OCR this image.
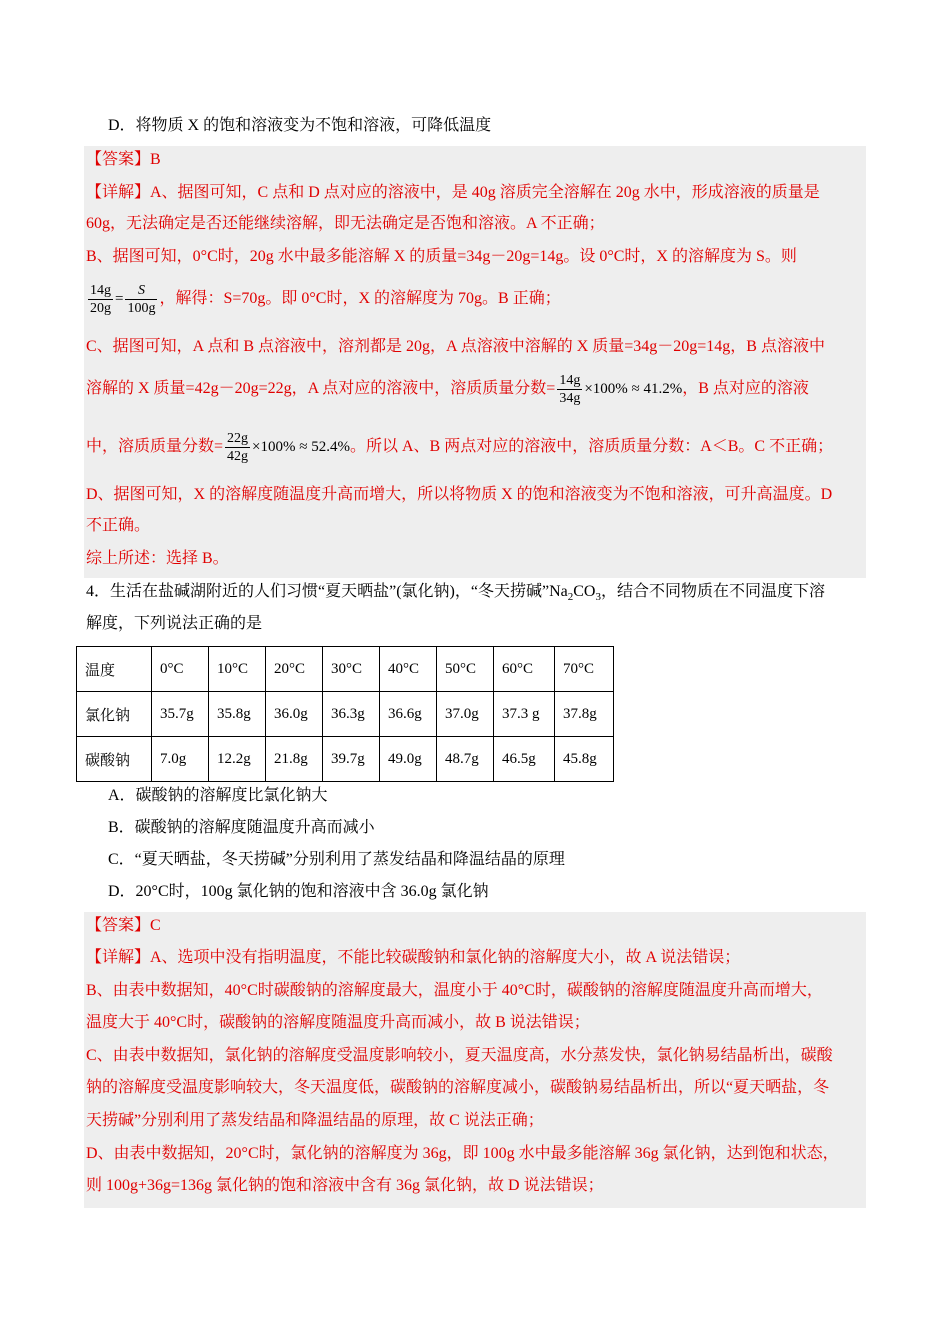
D．将物质 X 的饱和溶液变为不饱和溶液，可降低温度
【答案】B
【详解】A、据图可知，C 点和 D 点对应的溶液中，是 40g 溶质完全溶解在 20g 水中，形成溶液的质量是
60g，无法确定是否还能继续溶解，即无法确定是否饱和溶液。A 不正确；
B、据图可知，0°C时，20g 水中最多能溶解 X 的质量=34g－20g=14g。设 0°C时，X 的溶解度为 S。则
$\frac{14g}{20g} = \frac{S}{100g}$ ，解得：S=70g。即 0°C时，X 的溶解度为 70g。B 正确；
C、据图可知，A 点和 B 点溶液中，溶剂都是 20g，A 点溶液中溶解的 X 质量=34g－20g=14g，B 点溶液中
溶解的 X 质量=42g－20g=22g，A 点对应的溶液中，溶质质量分数= $\frac{14g}{34g} \times 100\% \approx 41.2\%$，B 点对应的溶液
中，溶质质量分数= $\frac{22g}{42g} \times 100\% \approx 52.4\%$。所以 A、B 两点对应的溶液中，溶质质量分数：A＜B。C 不正确；
D、据图可知，X 的溶解度随温度升高而增大，所以将物质 X 的饱和溶液变为不饱和溶液，可升高温度。D
不正确。
综上所述：选择 B。
4．生活在盐碱湖附近的人们习惯“夏天晒盐”(氯化钠)，“冬天捞碱$”Na_2CO_3$，结合不同物质在不同温度下溶
解度，下列说法正确的是
温度	0°C	10°C	20°C	30°C	40°C	50°C	60°C	70°C
氯化钠	35.7g	35.8g	36.0g	36.3g	36.6g	37.0g	37.3 g	37.8g
碳酸钠	7.0g	12.2g	21.8g	39.7g	49.0g	48.7g	46.5g	45.8g
A．碳酸钠的溶解度比氯化钠大
B．碳酸钠的溶解度随温度升高而减小
C．“夏天晒盐，冬天捞碱”分别利用了蒸发结晶和降温结晶的原理
D．20°C时，100g 氯化钠的饱和溶液中含 36.0g 氯化钠
【答案】C
【详解】A、选项中没有指明温度，不能比较碳酸钠和氯化钠的溶解度大小，故 A 说法错误；
B、由表中数据知，40°C时碳酸钠的溶解度最大，温度小于 40°C时，碳酸钠的溶解度随温度升高而增大，
温度大于 40°C时，碳酸钠的溶解度随温度升高而减小，故 B 说法错误；
C、由表中数据知，氯化钠的溶解度受温度影响较小，夏天温度高，水分蒸发快，氯化钠易结晶析出，碳酸
钠的溶解度受温度影响较大，冬天温度低，碳酸钠的溶解度减小，碳酸钠易结晶析出，所以“夏天晒盐，冬
天捞碱”分别利用了蒸发结晶和降温结晶的原理，故 C 说法正确；
D、由表中数据知，20°C时，氯化钠的溶解度为 36g，即 100g 水中最多能溶解 36g 氯化钠，达到饱和状态，
则 100g+36g=136g 氯化钠的饱和溶液中含有 36g 氯化钠，故 D 说法错误；
